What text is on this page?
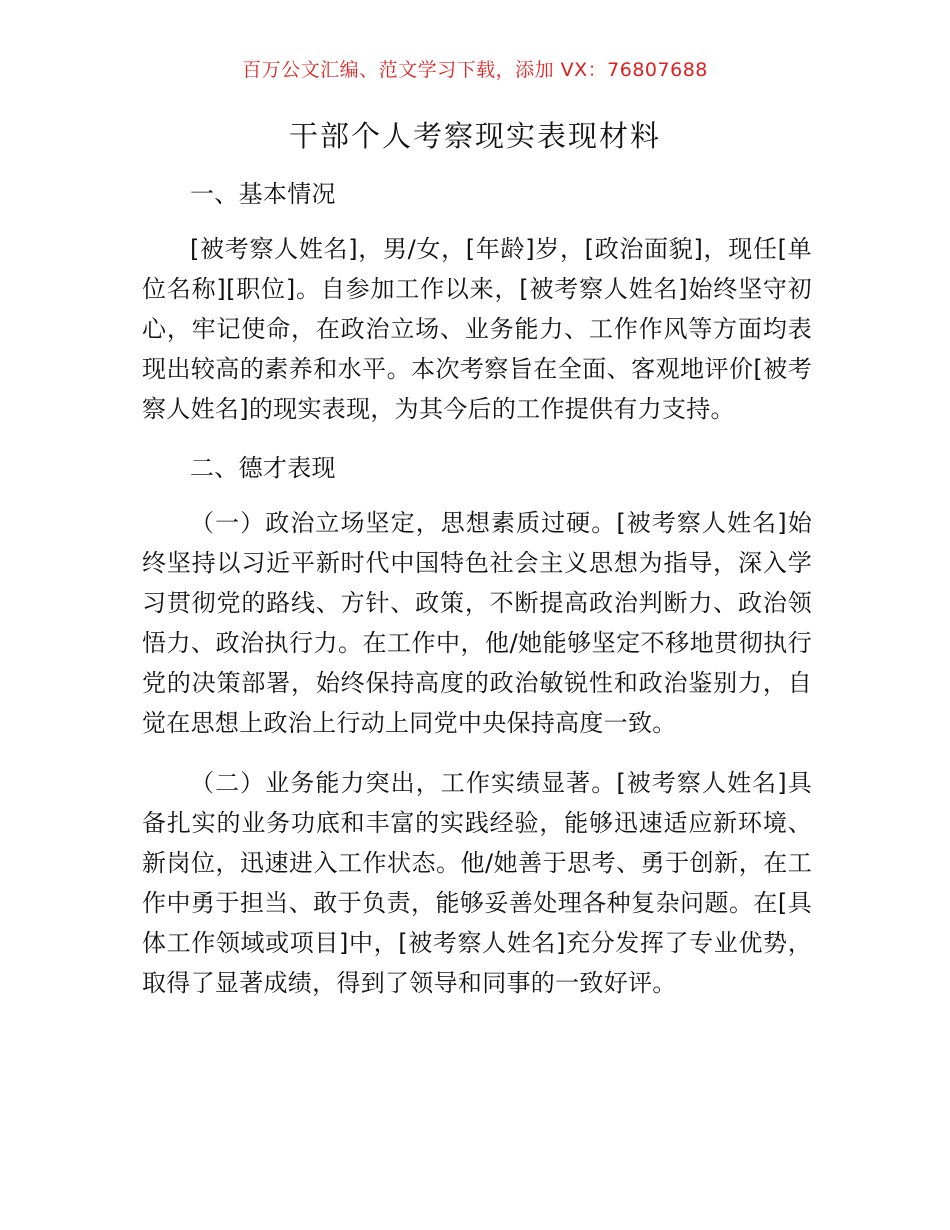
百万公文汇编、范文学习下载，添加 VX：76807688
干部个人考察现实表现材料

一、基本情况

[被考察人姓名]，男/女，[年龄]岁，[政治面貌]，现任[单位名称][职位]。自参加工作以来，[被考察人姓名]始终坚守初心，牢记使命，在政治立场、业务能力、工作作风等方面均表现出较高的素养和水平。本次考察旨在全面、客观地评价[被考察人姓名]的现实表现，为其今后的工作提供有力支持。

二、德才表现

（一）政治立场坚定，思想素质过硬。[被考察人姓名]始终坚持以习近平新时代中国特色社会主义思想为指导，深入学习贯彻党的路线、方针、政策，不断提高政治判断力、政治领悟力、政治执行力。在工作中，他/她能够坚定不移地贯彻执行党的决策部署，始终保持高度的政治敏锐性和政治鉴别力，自觉在思想上政治上行动上同党中央保持高度一致。

（二）业务能力突出，工作实绩显著。[被考察人姓名]具备扎实的业务功底和丰富的实践经验，能够迅速适应新环境、新岗位，迅速进入工作状态。他/她善于思考、勇于创新，在工作中勇于担当、敢于负责，能够妥善处理各种复杂问题。在[具体工作领域或项目]中，[被考察人姓名]充分发挥了专业优势，取得了显著成绩，得到了领导和同事的一致好评。
